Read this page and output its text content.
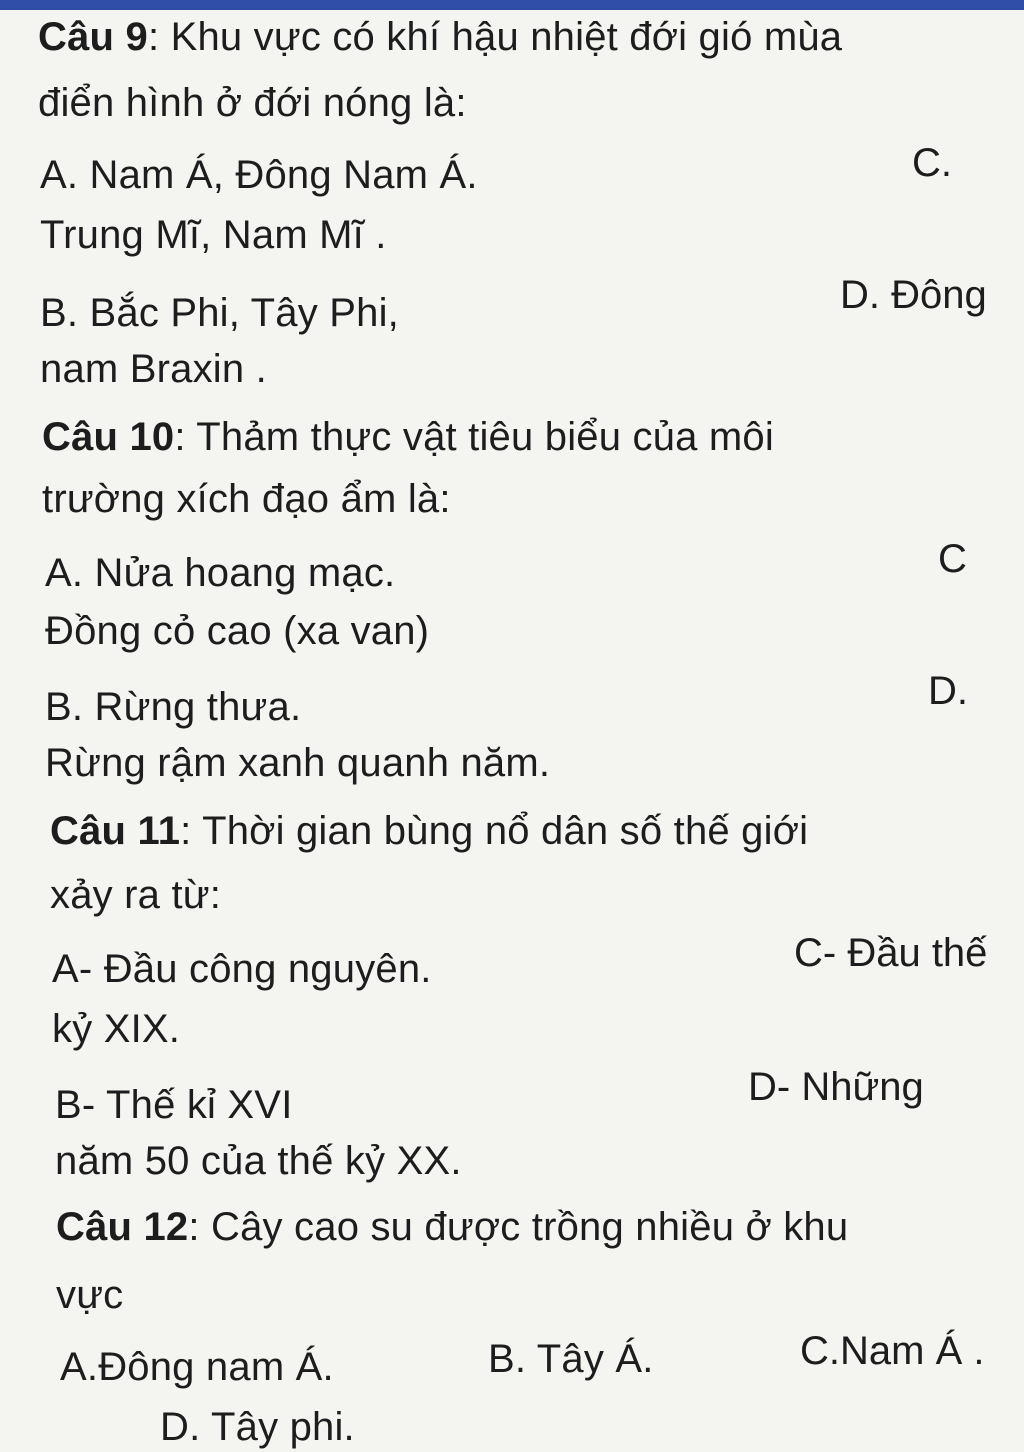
Câu 9: Khu vực có khí hậu nhiệt đới gió mùa
điển hình ở đới nóng là:
A. Nam Á, Đông Nam Á.	C.
Trung Mĩ, Nam Mĩ .
B. Bắc Phi, Tây Phi,	D. Đông
nam Braxin .
Câu 10: Thảm thực vật tiêu biểu của môi
trường xích đạo ẩm là:
A. Nửa hoang mạc.	C
Đồng cỏ cao (xa van)
B. Rừng thưa.	D.
Rừng rậm xanh quanh năm.
Câu 11: Thời gian bùng nổ dân số thế giới
xảy ra từ:
A- Đầu công nguyên.	C- Đầu thế
kỷ XIX.
B- Thế kỉ XVI	D- Những
năm 50 của thế kỷ XX.
Câu 12: Cây cao su được trồng nhiều ở khu
vực
A.Đông nam Á.	B. Tây Á.	C.Nam Á .
D. Tây phi.
